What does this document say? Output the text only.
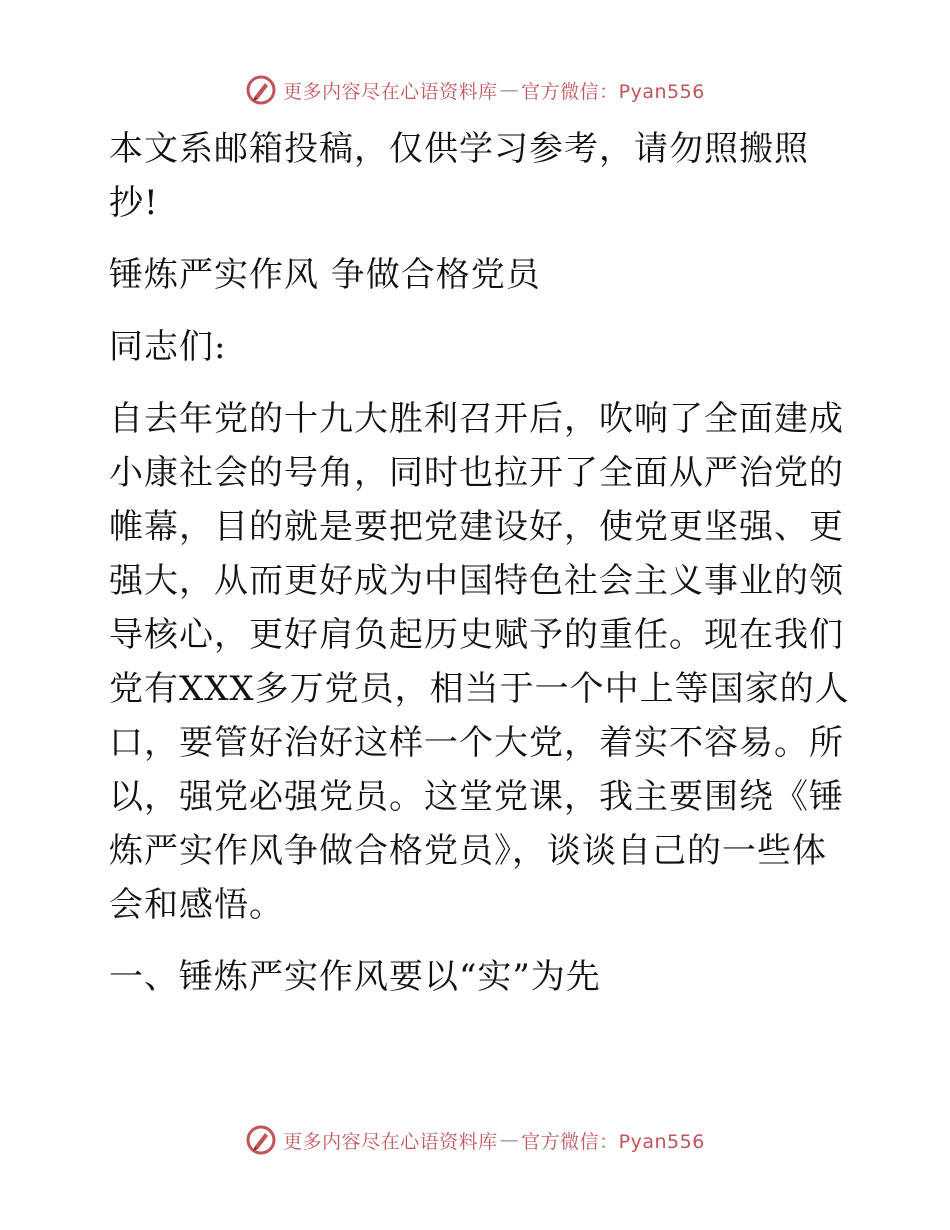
更多内容尽在心语资料库 — 官方微信：Pyan556

本文系邮箱投稿，仅供学习参考，请勿照搬照抄!

锤炼严实作风 争做合格党员

同志们:

自去年党的十九大胜利召开后，吹响了全面建成小康社会的号角，同时也拉开了全面从严治党的帷幕，目的就是要把党建设好，使党更坚强、更强大，从而更好成为中国特色社会主义事业的领导核心，更好肩负起历史赋予的重任。现在我们党有XXX多万党员，相当于一个中上等国家的人口，要管好治好这样一个大党，着实不容易。所以，强党必强党员。这堂党课，我主要围绕《锤炼严实作风争做合格党员》，谈谈自己的一些体会和感悟。

一、锤炼严实作风要以“实”为先

更多内容尽在心语资料库 — 官方微信：Pyan556
